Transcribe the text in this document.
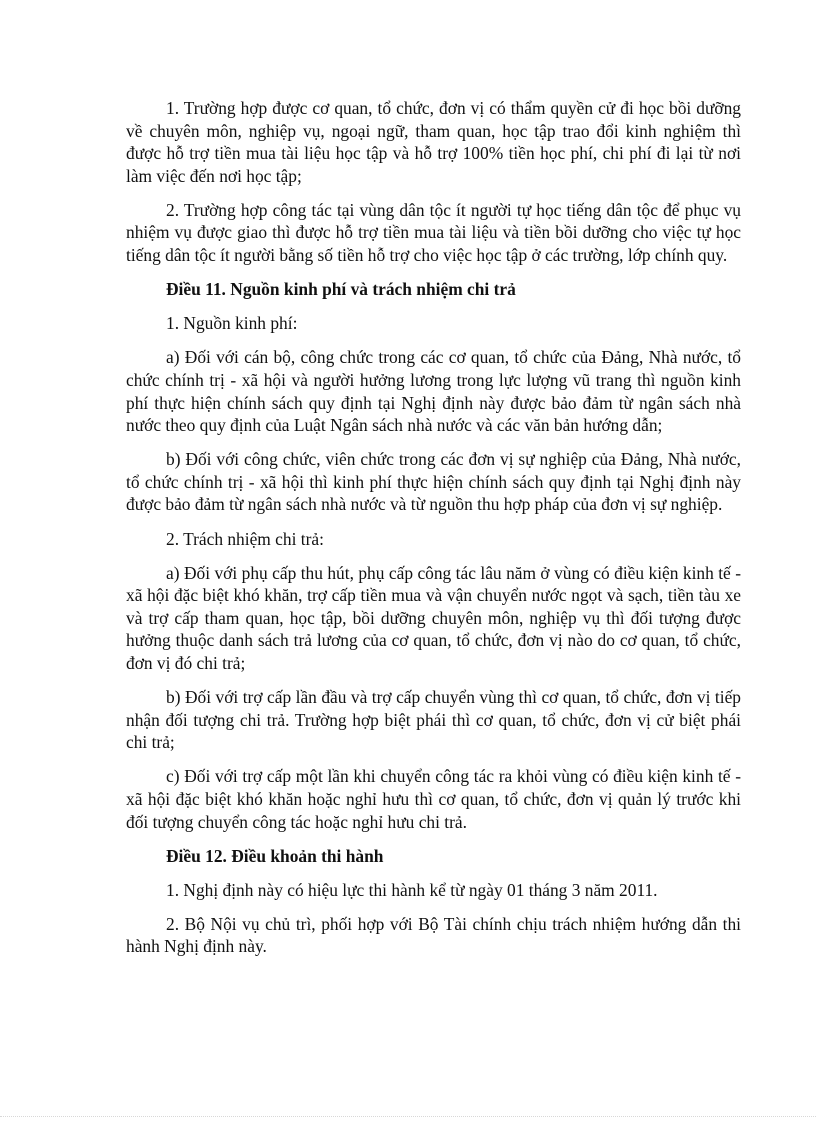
1. Trường hợp được cơ quan, tổ chức, đơn vị có thẩm quyền cử đi học bồi dưỡng về chuyên môn, nghiệp vụ, ngoại ngữ, tham quan, học tập trao đổi kinh nghiệm thì được hỗ trợ tiền mua tài liệu học tập và hỗ trợ 100% tiền học phí, chi phí đi lại từ nơi làm việc đến nơi học tập;

2. Trường hợp công tác tại vùng dân tộc ít người tự học tiếng dân tộc để phục vụ nhiệm vụ được giao thì được hỗ trợ tiền mua tài liệu và tiền bồi dưỡng cho việc tự học tiếng dân tộc ít người bằng số tiền hỗ trợ cho việc học tập ở các trường, lớp chính quy.

Điều 11. Nguồn kinh phí và trách nhiệm chi trả

1. Nguồn kinh phí:

a) Đối với cán bộ, công chức trong các cơ quan, tổ chức của Đảng, Nhà nước, tổ chức chính trị - xã hội và người hưởng lương trong lực lượng vũ trang thì nguồn kinh phí thực hiện chính sách quy định tại Nghị định này được bảo đảm từ ngân sách nhà nước theo quy định của Luật Ngân sách nhà nước và các văn bản hướng dẫn;

b) Đối với công chức, viên chức trong các đơn vị sự nghiệp của Đảng, Nhà nước, tổ chức chính trị - xã hội thì kinh phí thực hiện chính sách quy định tại Nghị định này được bảo đảm từ ngân sách nhà nước và từ nguồn thu hợp pháp của đơn vị sự nghiệp.

2. Trách nhiệm chi trả:

a) Đối với phụ cấp thu hút, phụ cấp công tác lâu năm ở vùng có điều kiện kinh tế - xã hội đặc biệt khó khăn, trợ cấp tiền mua và vận chuyển nước ngọt và sạch, tiền tàu xe và trợ cấp tham quan, học tập, bồi dưỡng chuyên môn, nghiệp vụ thì đối tượng được hưởng thuộc danh sách trả lương của cơ quan, tổ chức, đơn vị nào do cơ quan, tổ chức, đơn vị đó chi trả;

b) Đối với trợ cấp lần đầu và trợ cấp chuyển vùng thì cơ quan, tổ chức, đơn vị tiếp nhận đối tượng chi trả. Trường hợp biệt phái thì cơ quan, tổ chức, đơn vị cử biệt phái chi trả;

c) Đối với trợ cấp một lần khi chuyển công tác ra khỏi vùng có điều kiện kinh tế - xã hội đặc biệt khó khăn hoặc nghỉ hưu thì cơ quan, tổ chức, đơn vị quản lý trước khi đối tượng chuyển công tác hoặc nghỉ hưu chi trả.

Điều 12. Điều khoản thi hành

1. Nghị định này có hiệu lực thi hành kể từ ngày 01 tháng 3 năm 2011.

2. Bộ Nội vụ chủ trì, phối hợp với Bộ Tài chính chịu trách nhiệm hướng dẫn thi hành Nghị định này.
